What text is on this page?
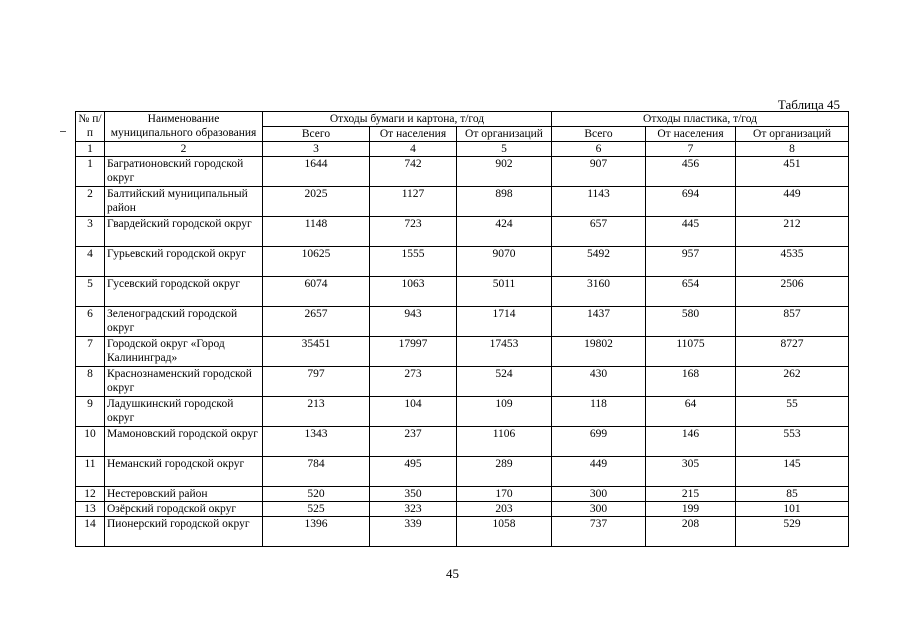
Таблица 45
№ п/п	Наименование муниципального образования	Отходы бумаги и картона, т/год			Отходы пластика, т/год		
		Всего	От населения	От организаций	Всего	От населения	От организаций
1	2	3	4	5	6	7	8
1	Багратионовский городской округ	1644	742	902	907	456	451
2	Балтийский муниципальный район	2025	1127	898	1143	694	449
3	Гвардейский городской округ	1148	723	424	657	445	212
4	Гурьевский городской округ	10625	1555	9070	5492	957	4535
5	Гусевский городской округ	6074	1063	5011	3160	654	2506
6	Зеленоградский городской округ	2657	943	1714	1437	580	857
7	Городской округ «Город Калининград»	35451	17997	17453	19802	11075	8727
8	Краснознаменский городской округ	797	273	524	430	168	262
9	Ладушкинский городской округ	213	104	109	118	64	55
10	Мамоновский городской округ	1343	237	1106	699	146	553
11	Неманский городской округ	784	495	289	449	305	145
12	Нестеровский район	520	350	170	300	215	85
13	Озёрский городской округ	525	323	203	300	199	101
14	Пионерский городской округ	1396	339	1058	737	208	529
45
